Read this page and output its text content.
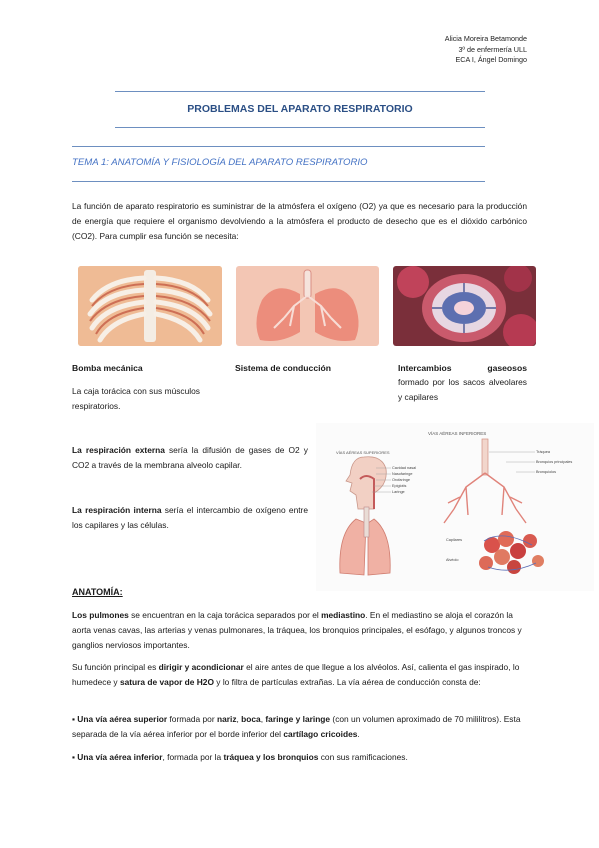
Alicia Moreira Betamonde
3º de enfermería ULL
ECA I, Ángel Domingo
PROBLEMAS DEL APARATO RESPIRATORIO
TEMA 1: ANATOMÍA Y FISIOLOGÍA DEL APARATO RESPIRATORIO
La función de aparato respiratorio es suministrar de la atmósfera el oxígeno (O2) ya que es necesario para la producción de energía que requiere el organismo devolviendo a la atmósfera el producto de desecho que es el dióxido carbónico (CO2). Para cumplir esa función se necesita:
Bomba mecánica
La caja torácica con sus músculos respiratorios.
Sistema de conducción	Intercambios	gaseosos
formado por los sacos alveolares y capilares
La respiración externa sería la difusión de gases de O2 y CO2 a través de la membrana alveolo capilar.
La respiración interna sería el intercambio de oxígeno entre los capilares y las células.
VÍAS AÉREAS INFERIORES
VÍAS AÉREAS SUPERIORES
Cavidad nasal
Nasofaringe
Orofaringe
Epiglotis
Laringe
Tráquea
Bronquios principales
Bronquiolos
Capilares
Alvéolo
ANATOMÍA:
Los pulmones se encuentran en la caja torácica separados por el mediastino. En el mediastino se aloja el corazón la aorta venas cavas, las arterias y venas pulmonares, la tráquea, los bronquios principales, el esófago, y algunos troncos y ganglios nerviosos importantes.
Su función principal es dirigir y acondicionar el aire antes de que llegue a los alvéolos. Así, calienta el gas inspirado, lo humedece y satura de vapor de H2O y lo filtra de partículas extrañas. La vía aérea de conducción consta de:
▪ Una vía aérea superior formada por nariz, boca, faringe y laringe (con un volumen aproximado de 70 mililitros). Esta separada de la vía aérea inferior por el borde inferior del cartílago cricoides.
▪ Una vía aérea inferior, formada por la tráquea y los bronquios con sus ramificaciones.
